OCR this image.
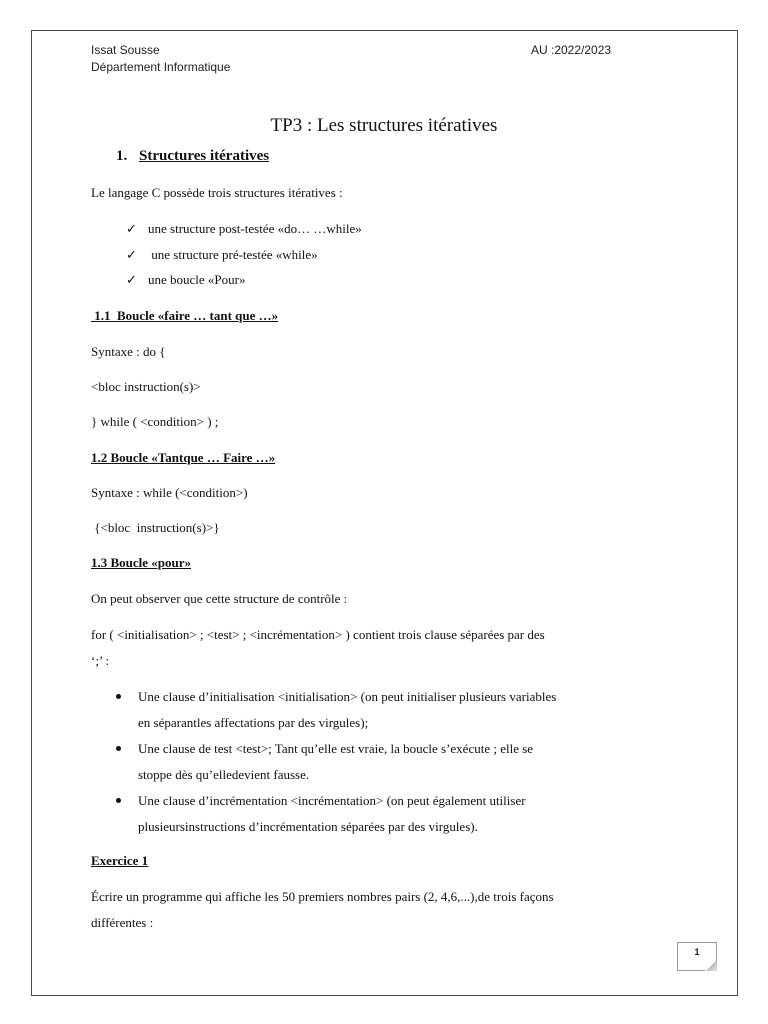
Issat Sousse

Département Informatique

AU :2022/2023

TP3 : Les structures itératives
1. Structures itératives

Le langage C possède trois structures itératives :

✓ une structure post-testée «do… …while»
✓ une structure pré-testée «while»
✓ une boucle «Pour»

1.1  Boucle «faire … tant que …»

Syntaxe : do {

<bloc instruction(s)>

} while ( <condition> ) ;

1.2 Boucle «Tantque … Faire …»

Syntaxe : while (<condition>)

{<bloc  instruction(s)>}

1.3 Boucle «pour»

On peut observer que cette structure de contrôle :

for ( <initialisation> ; <test> ; <incrémentation> ) contient trois clause séparées par des

‘;’ :

Une clause d’initialisation <initialisation> (on peut initialiser plusieurs variables

en séparantles affectations par des virgules);

Une clause de test <test>; Tant qu’elle est vraie, la boucle s’exécute ; elle se

stoppe dès qu’elledevient fausse.

Une clause d’incrémentation <incrémentation> (on peut également utiliser

plusieursinstructions d’incrémentation séparées par des virgules).

Exercice 1

Écrire un programme qui affiche les 50 premiers nombres pairs (2, 4,6,...),de trois façons

différentes :

1
